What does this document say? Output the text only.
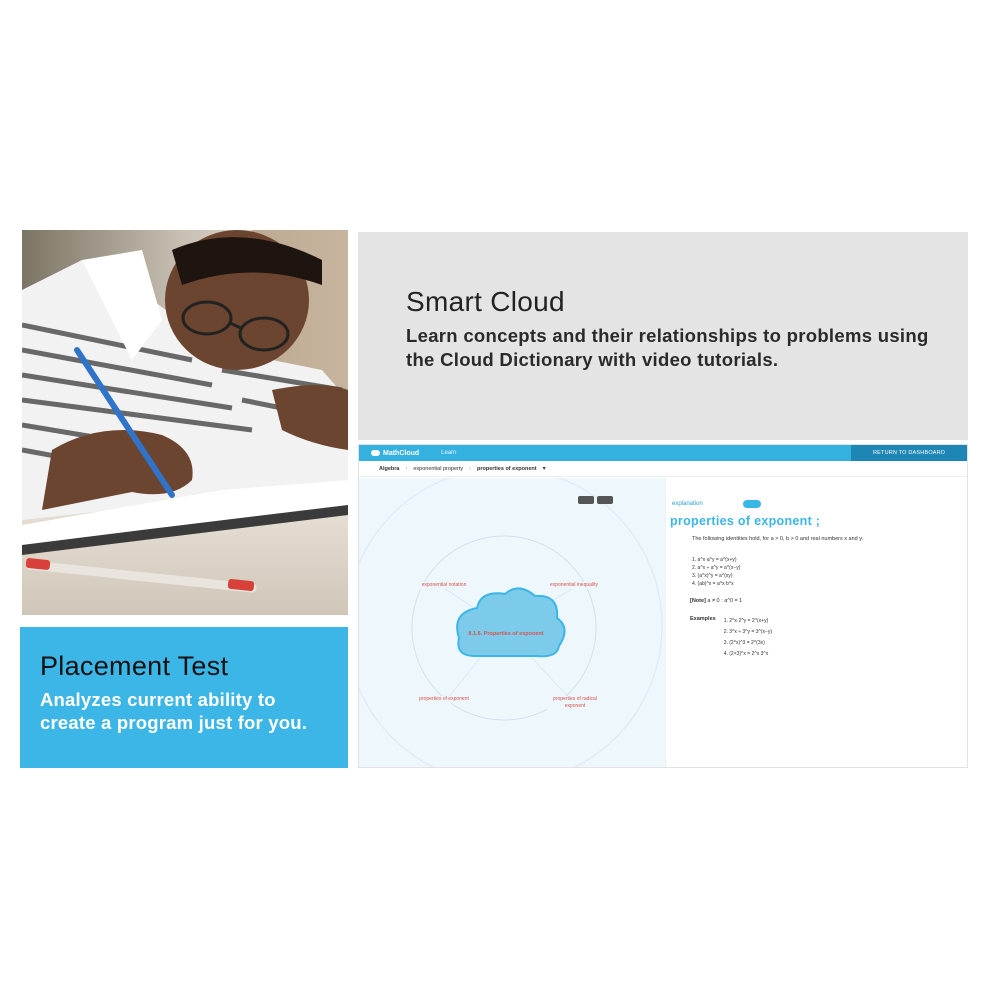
Placement Test
Analyzes current ability to create a program just for you.
Smart Cloud
Learn concepts and their relationships to problems using the Cloud Dictionary with video tutorials.
MathCloud	Learn	RETURN TO DASHBOARD
Algebra › exponential property › properties of exponent ▾
8.1.6. Properties of exponent
exponential notation	exponential inequality
properties of exponent	properties of radical exponent
explanation
properties of exponent ;
The following identities hold, for a > 0, b > 0 and real numbers x and y.
1. a^x·a^y = a^(x+y)
2. a^x ÷ a^y = a^(x−y)
3. (a^x)^y = a^(xy)
4. (ab)^x = a^x b^x
[Note] a ≠ 0 : a^0 = 1
Examples 1. 2^x·2^y = 2^(x+y)
2. 3^x ÷ 3^y = 3^(x−y)
3. (2^x)^3 = 2^(3x)
4. (2×3)^x = 2^x 3^x
